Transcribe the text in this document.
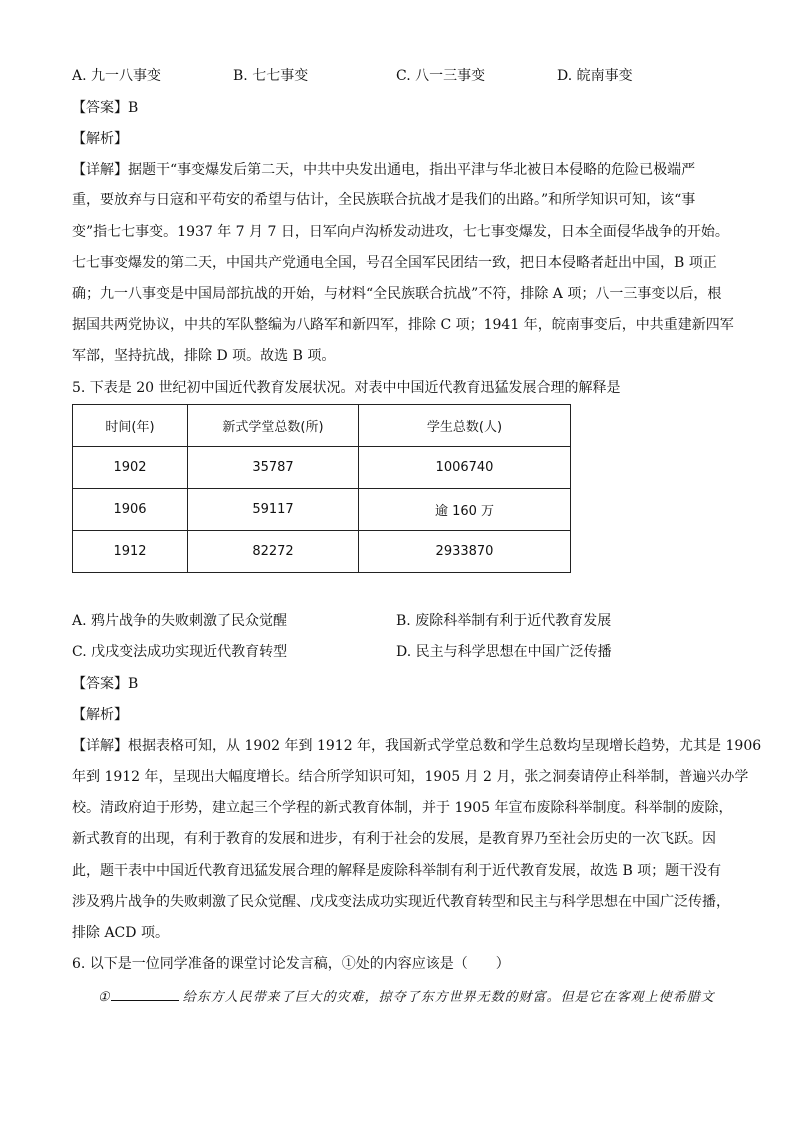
A. 九一八事变	B. 七七事变	C. 八一三事变	D. 皖南事变
【答案】B
【解析】
【详解】据题干“事变爆发后第二天，中共中央发出通电，指出平津与华北被日本侵略的危险已极端严
重，要放弃与日寇和平苟安的希望与估计，全民族联合抗战才是我们的出路。”和所学知识可知，该“事
变”指七七事变。1937 年 7 月 7 日，日军向卢沟桥发动进攻，七七事变爆发，日本全面侵华战争的开始。
七七事变爆发的第二天，中国共产党通电全国，号召全国军民团结一致，把日本侵略者赶出中国，B 项正
确；九一八事变是中国局部抗战的开始，与材料“全民族联合抗战”不符，排除 A 项；八一三事变以后，根
据国共两党协议，中共的军队整编为八路军和新四军，排除 C 项；1941 年，皖南事变后，中共重建新四军
军部，坚持抗战，排除 D 项。故选 B 项。
5. 下表是 20 世纪初中国近代教育发展状况。对表中中国近代教育迅猛发展合理的解释是
时间(年)	新式学堂总数(所)	学生总数(人)
1902	35787	1006740
1906	59117	逾 160 万
1912	82272	2933870
A. 鸦片战争的失败刺激了民众觉醒	B. 废除科举制有利于近代教育发展
C. 戊戌变法成功实现近代教育转型	D. 民主与科学思想在中国广泛传播
【答案】B
【解析】
【详解】根据表格可知，从 1902 年到 1912 年，我国新式学堂总数和学生总数均呈现增长趋势，尤其是 1906
年到 1912 年，呈现出大幅度增长。结合所学知识可知，1905 月 2 月，张之洞奏请停止科举制，普遍兴办学
校。清政府迫于形势，建立起三个学程的新式教育体制，并于 1905 年宣布废除科举制度。科举制的废除，
新式教育的出现，有利于教育的发展和进步，有利于社会的发展，是教育界乃至社会历史的一次飞跃。因
此，题干表中中国近代教育迅猛发展合理的解释是废除科举制有利于近代教育发展，故选 B 项；题干没有
涉及鸦片战争的失败刺激了民众觉醒、戊戌变法成功实现近代教育转型和民主与科学思想在中国广泛传播，
排除 ACD 项。
6. 以下是一位同学准备的课堂讨论发言稿，①处的内容应该是（　　）
①	给东方人民带来了巨大的灾难，掠夺了东方世界无数的财富。但是它在客观上使希腊文
